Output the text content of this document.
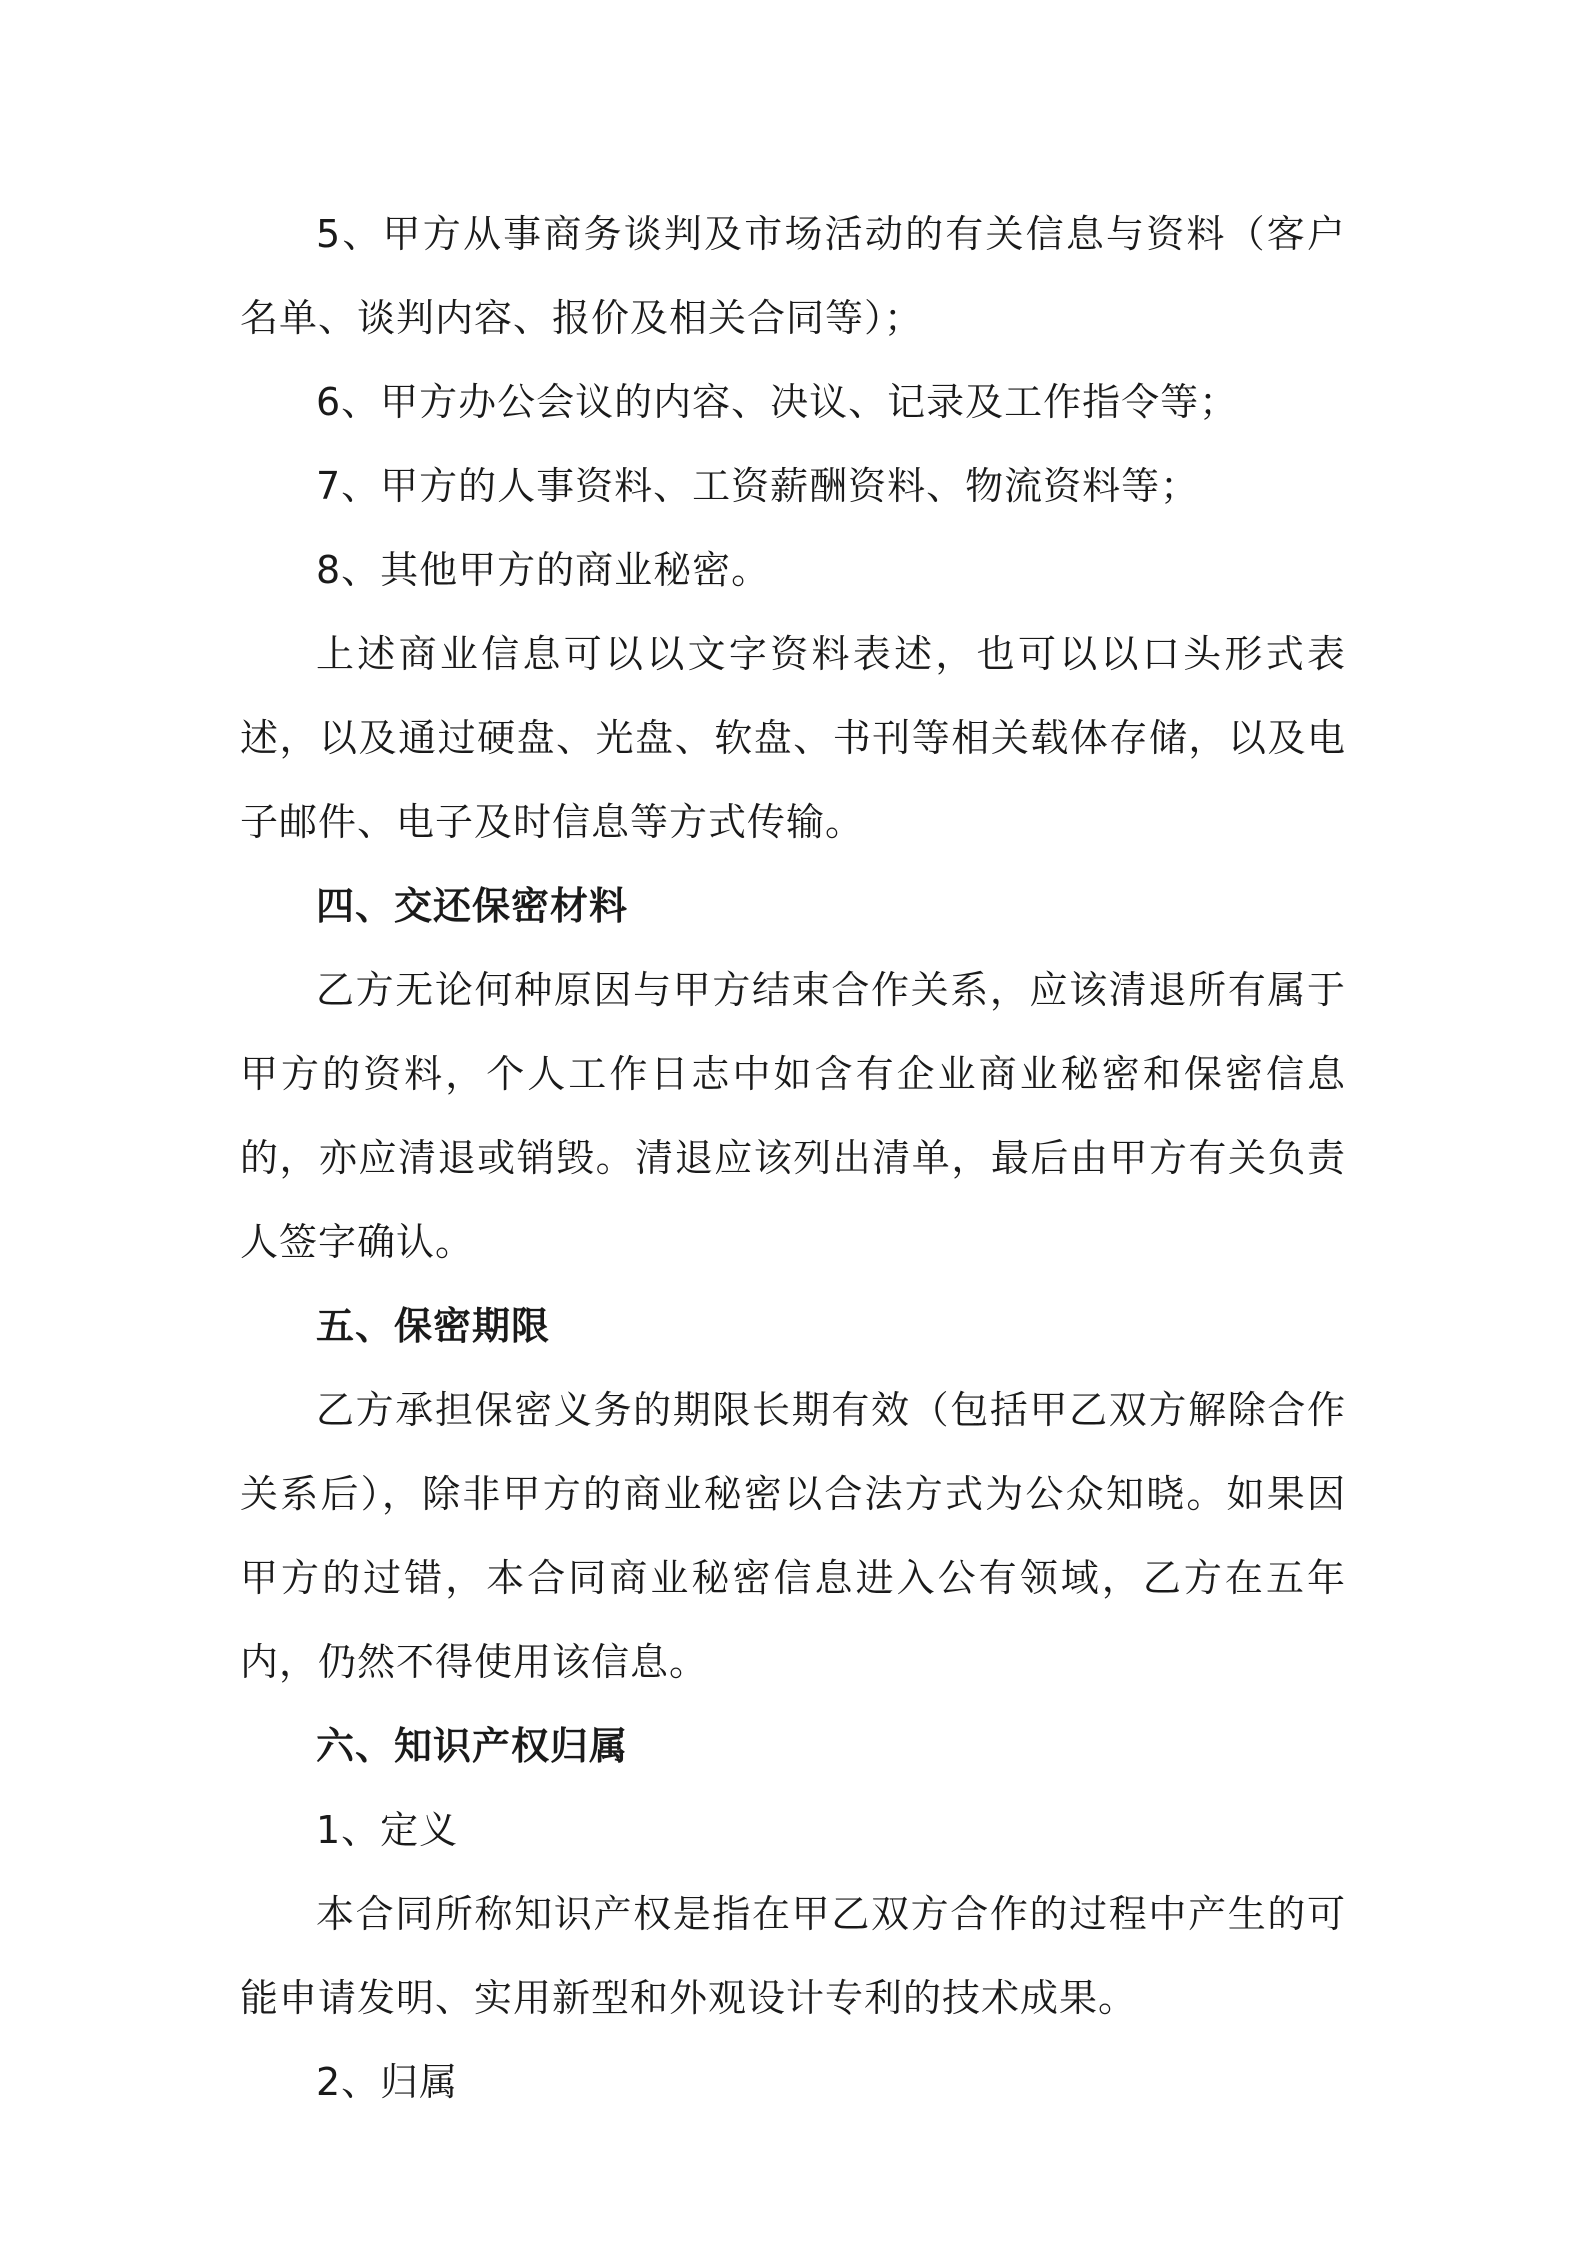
5、甲方从事商务谈判及市场活动的有关信息与资料（客户名单、谈判内容、报价及相关合同等）；

6、甲方办公会议的内容、决议、记录及工作指令等；

7、甲方的人事资料、工资薪酬资料、物流资料等；

8、其他甲方的商业秘密。

上述商业信息可以以文字资料表述，也可以以口头形式表述，以及通过硬盘、光盘、软盘、书刊等相关载体存储，以及电子邮件、电子及时信息等方式传输。

四、交还保密材料

乙方无论何种原因与甲方结束合作关系，应该清退所有属于甲方的资料，个人工作日志中如含有企业商业秘密和保密信息的，亦应清退或销毁。清退应该列出清单，最后由甲方有关负责人签字确认。

五、保密期限

乙方承担保密义务的期限长期有效（包括甲乙双方解除合作关系后），除非甲方的商业秘密以合法方式为公众知晓。如果因甲方的过错，本合同商业秘密信息进入公有领域，乙方在五年内，仍然不得使用该信息。

六、知识产权归属

1、定义

本合同所称知识产权是指在甲乙双方合作的过程中产生的可能申请发明、实用新型和外观设计专利的技术成果。

2、归属
